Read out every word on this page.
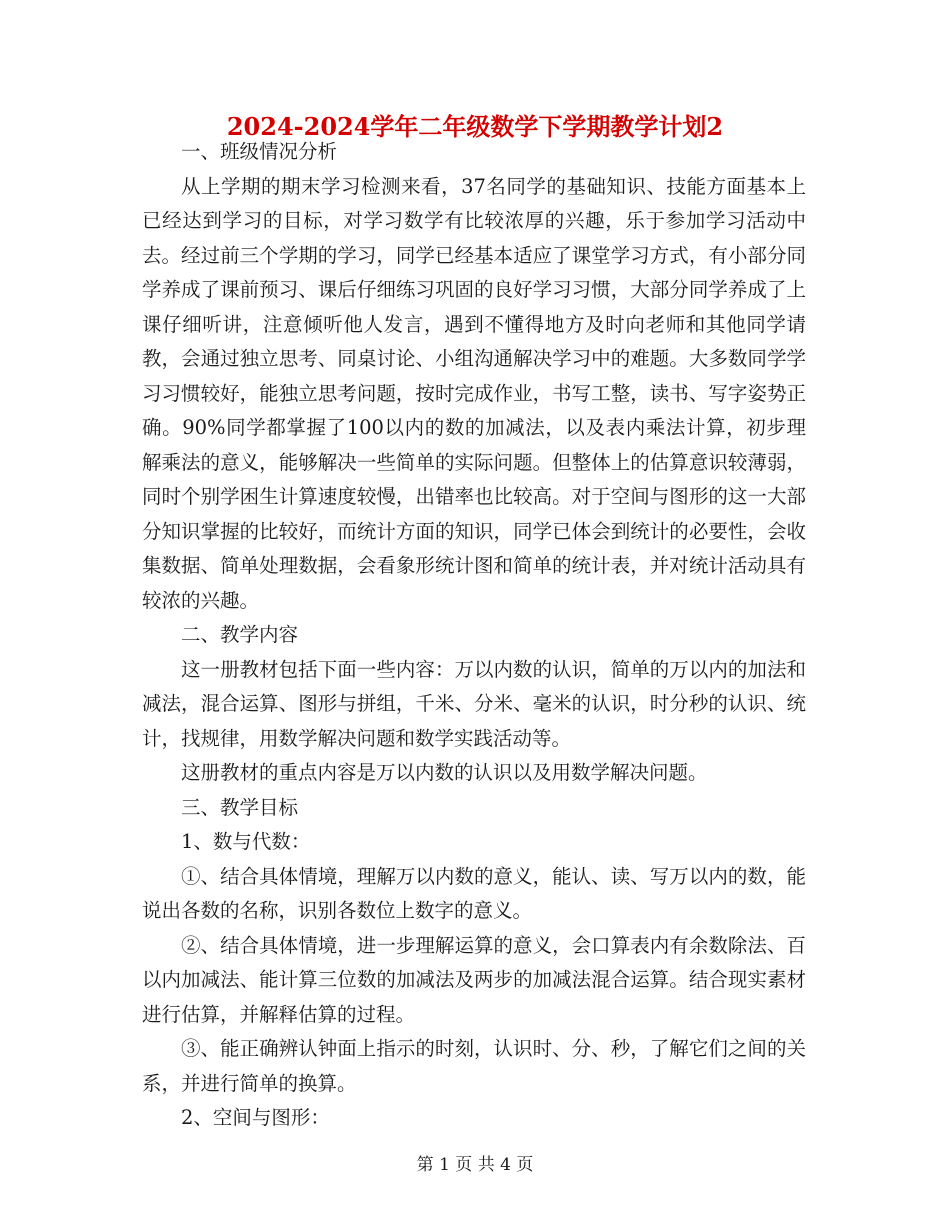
2024-2024学年二年级数学下学期教学计划2

一、班级情况分析

从上学期的期末学习检测来看，37名同学的基础知识、技能方面基本上已经达到学习的目标，对学习数学有比较浓厚的兴趣，乐于参加学习活动中去。经过前三个学期的学习，同学已经基本适应了课堂学习方式，有小部分同学养成了课前预习、课后仔细练习巩固的良好学习习惯，大部分同学养成了上课仔细听讲，注意倾听他人发言，遇到不懂得地方及时向老师和其他同学请教，会通过独立思考、同桌讨论、小组沟通解决学习中的难题。大多数同学学习习惯较好，能独立思考问题，按时完成作业，书写工整，读书、写字姿势正确。90%同学都掌握了100以内的数的加减法，以及表内乘法计算，初步理解乘法的意义，能够解决一些简单的实际问题。但整体上的估算意识较薄弱，同时个别学困生计算速度较慢，出错率也比较高。对于空间与图形的这一大部分知识掌握的比较好，而统计方面的知识，同学已体会到统计的必要性，会收集数据、简单处理数据，会看象形统计图和简单的统计表，并对统计活动具有较浓的兴趣。

二、教学内容

这一册教材包括下面一些内容：万以内数的认识，简单的万以内的加法和减法，混合运算、图形与拼组，千米、分米、毫米的认识，时分秒的认识、统计，找规律，用数学解决问题和数学实践活动等。

这册教材的重点内容是万以内数的认识以及用数学解决问题。

三、教学目标

1、数与代数：

①、结合具体情境，理解万以内数的意义，能认、读、写万以内的数，能说出各数的名称，识别各数位上数字的意义。

②、结合具体情境，进一步理解运算的意义，会口算表内有余数除法、百以内加减法、能计算三位数的加减法及两步的加减法混合运算。结合现实素材进行估算，并解释估算的过程。

③、能正确辨认钟面上指示的时刻，认识时、分、秒，了解它们之间的关系，并进行简单的换算。

2、空间与图形：

第 1 页 共 4 页
